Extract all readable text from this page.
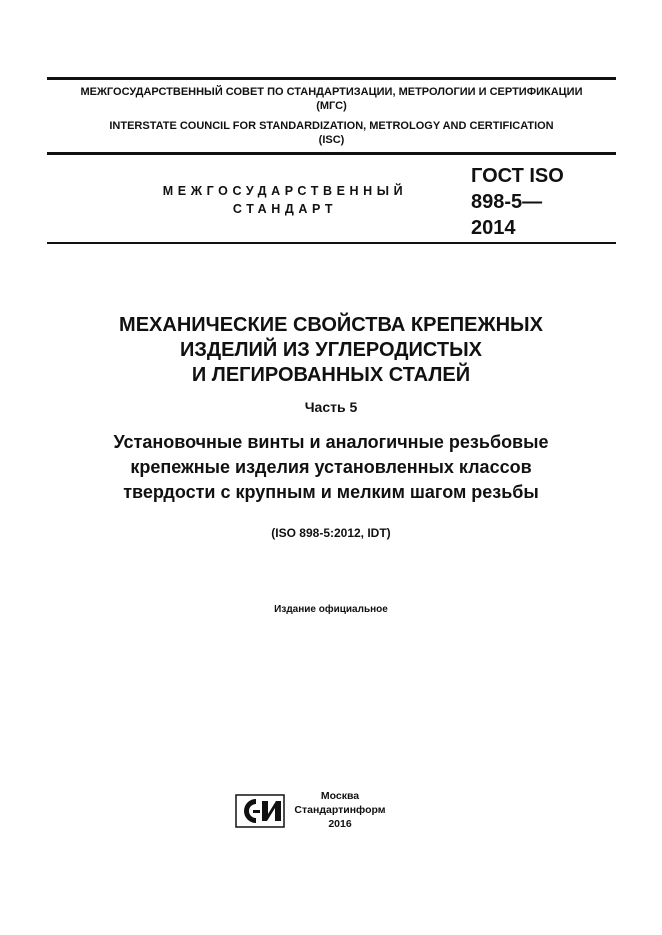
МЕЖГОСУДАРСТВЕННЫЙ СОВЕТ ПО СТАНДАРТИЗАЦИИ, МЕТРОЛОГИИ И СЕРТИФИКАЦИИ
(МГС)
INTERSTATE COUNCIL FOR STANDARDIZATION, METROLOGY AND CERTIFICATION
(ISC)
МЕЖГОСУДАРСТВЕННЫЙ
СТАНДАРТ
ГОСТ ISO
898-5—
2014
МЕХАНИЧЕСКИЕ СВОЙСТВА КРЕПЕЖНЫХ
ИЗДЕЛИЙ ИЗ УГЛЕРОДИСТЫХ
И ЛЕГИРОВАННЫХ СТАЛЕЙ
Часть 5
Установочные винты и аналогичные резьбовые
крепежные изделия установленных классов
твердости с крупным и мелким шагом резьбы
(ISO 898-5:2012, IDT)
Издание официальное
Москва
Стандартинформ
2016
